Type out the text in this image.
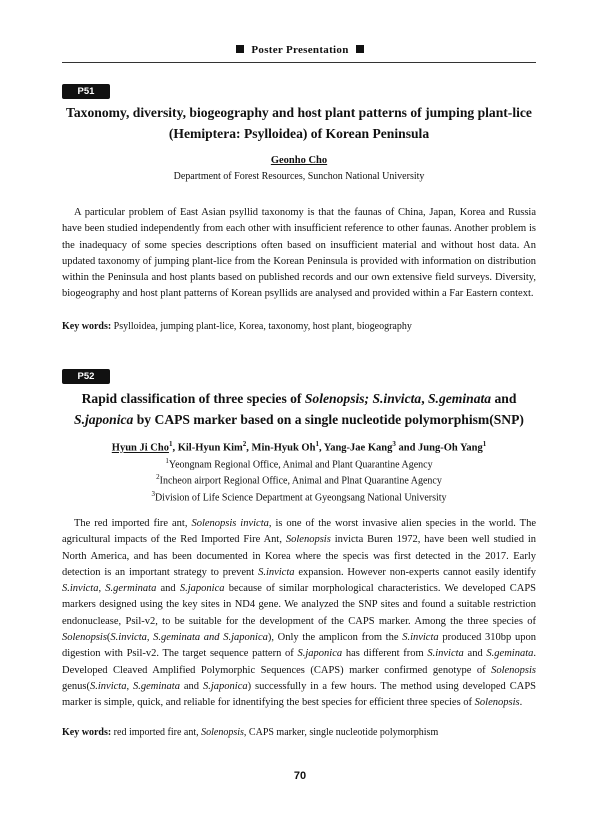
Poster Presentation
P51
Taxonomy, diversity, biogeography and host plant patterns of jumping plant-lice
(Hemiptera: Psylloidea) of Korean Peninsula
Geonho Cho
Department of Forest Resources, Sunchon National University

A particular problem of East Asian psyllid taxonomy is that the faunas of China, Japan, Korea and Russia have been studied independently from each other with insufficient reference to other faunas. Another problem is the inadequacy of some species descriptions often based on insufficient material and without host data. An updated taxonomy of jumping plant-lice from the Korean Peninsula is provided with information on distribution within the Peninsula and host plants based on published records and our own extensive field surveys. Diversity, biogeography and host plant patterns of Korean psyllids are analysed and provided within a Far Eastern context.

Key words: Psylloidea, jumping plant-lice, Korea, taxonomy, host plant, biogeography
P52
Rapid classification of three species of Solenopsis; S.invicta, S.geminata and
S.japonica by CAPS marker based on a single nucleotide polymorphism(SNP)
Hyun Ji Cho$^1$, Kil-Hyun Kim$^2$, Min-Hyuk Oh$^1$, Yang-Jae Kang$^3$ and Jung-Oh Yang$^1$
$^1$Yeongnam Regional Office, Animal and Plant Quarantine Agency
$^2$Incheon airport Regional Office, Animal and Plnat Quarantine Agency
$^3$Division of Life Science Department at Gyeongsang National University

The red imported fire ant, Solenopsis invicta, is one of the worst invasive alien species in the world. The agricultural impacts of the Red Imported Fire Ant, Solenopsis invicta Buren 1972, have been well studied in North America, and has been documented in Korea where the specis was first detected in the 2017. Early detection is an important strategy to prevent S.invicta expansion. However non-experts cannot easily identify S.invicta, S.germinata and S.japonica because of similar morphological characteristics. We developed CAPS markers designed using the key sites in ND4 gene. We analyzed the SNP sites and found a suitable restriction endonuclease, Psil-v2, to be suitable for the development of the CAPS marker. Among the three species of Solenopsis(S.invicta, S.geminata and S.japonica), Only the amplicon from the S.invicta produced 310bp upon digestion with Psil-v2. The target sequence pattern of S.japonica has different from S.invicta and S.geminata. Developed Cleaved Amplified Polymorphic Sequences (CAPS) marker confirmed genotype of Solenopsis genus(S.invicta, S.geminata and S.japonica) successfully in a few hours. The method using developed CAPS marker is simple, quick, and reliable for idnentifying the best species for efficient three species of Solenopsis.

Key words: red imported fire ant, Solenopsis, CAPS marker, single nucleotide polymorphism
70
